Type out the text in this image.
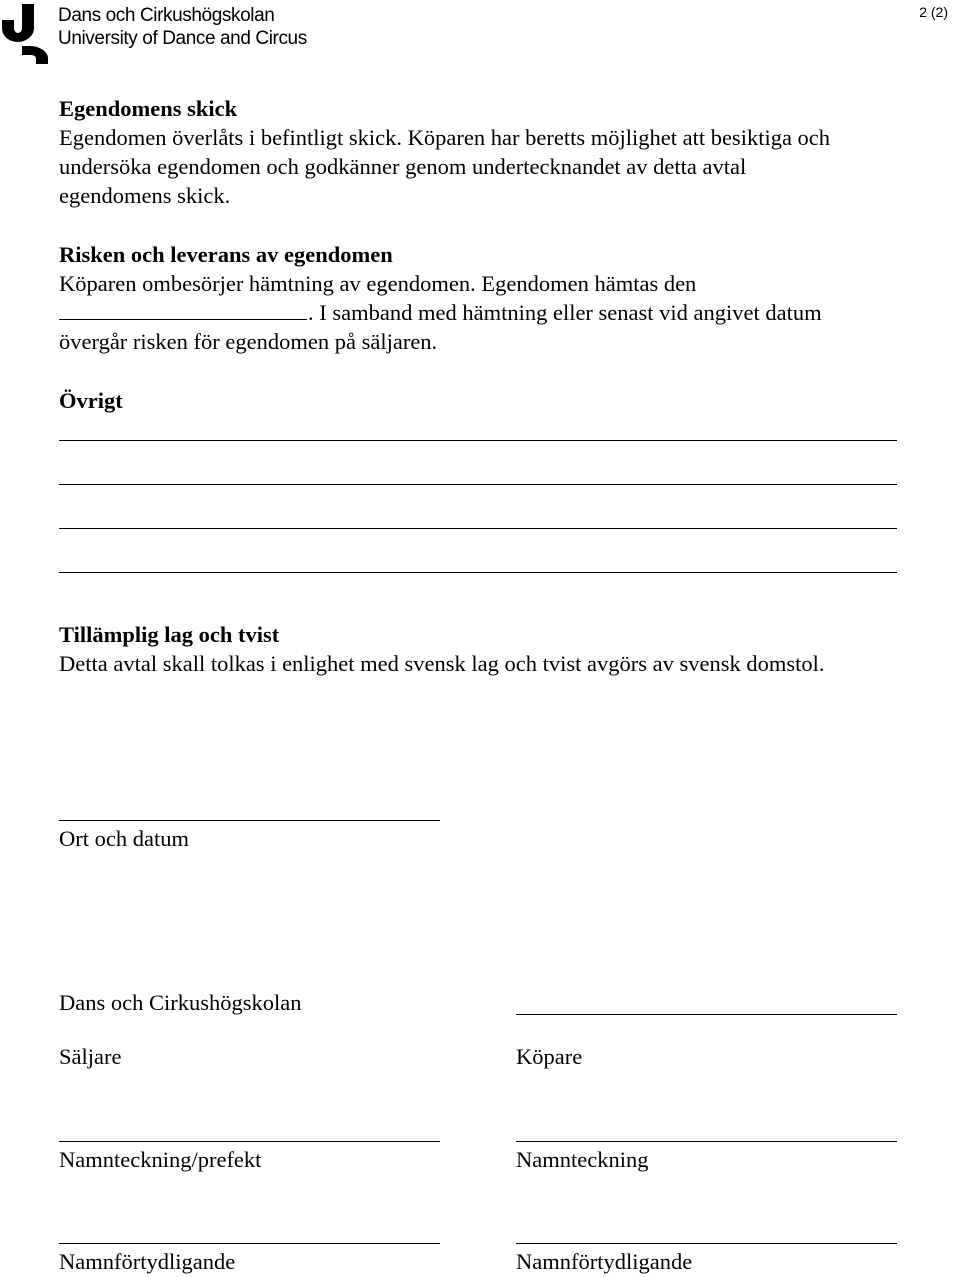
Dans och Cirkushögskolan
University of Dance and Circus
2 (2)
Egendomens skick
Egendomen överlåts i befintligt skick. Köparen har beretts möjlighet att besiktiga och
undersöka egendomen och godkänner genom undertecknandet av detta avtal
egendomens skick.
Risken och leverans av egendomen
Köparen ombesörjer hämtning av egendomen. Egendomen hämtas den
. I samband med hämtning eller senast vid angivet datum
övergår risken för egendomen på säljaren.
Övrigt
Tillämplig lag och tvist
Detta avtal skall tolkas i enlighet med svensk lag och tvist avgörs av svensk domstol.
Ort och datum
Dans och Cirkushögskolan
Säljare	Köpare
Namnteckning/prefekt	Namnteckning
Namnförtydligande	Namnförtydligande
